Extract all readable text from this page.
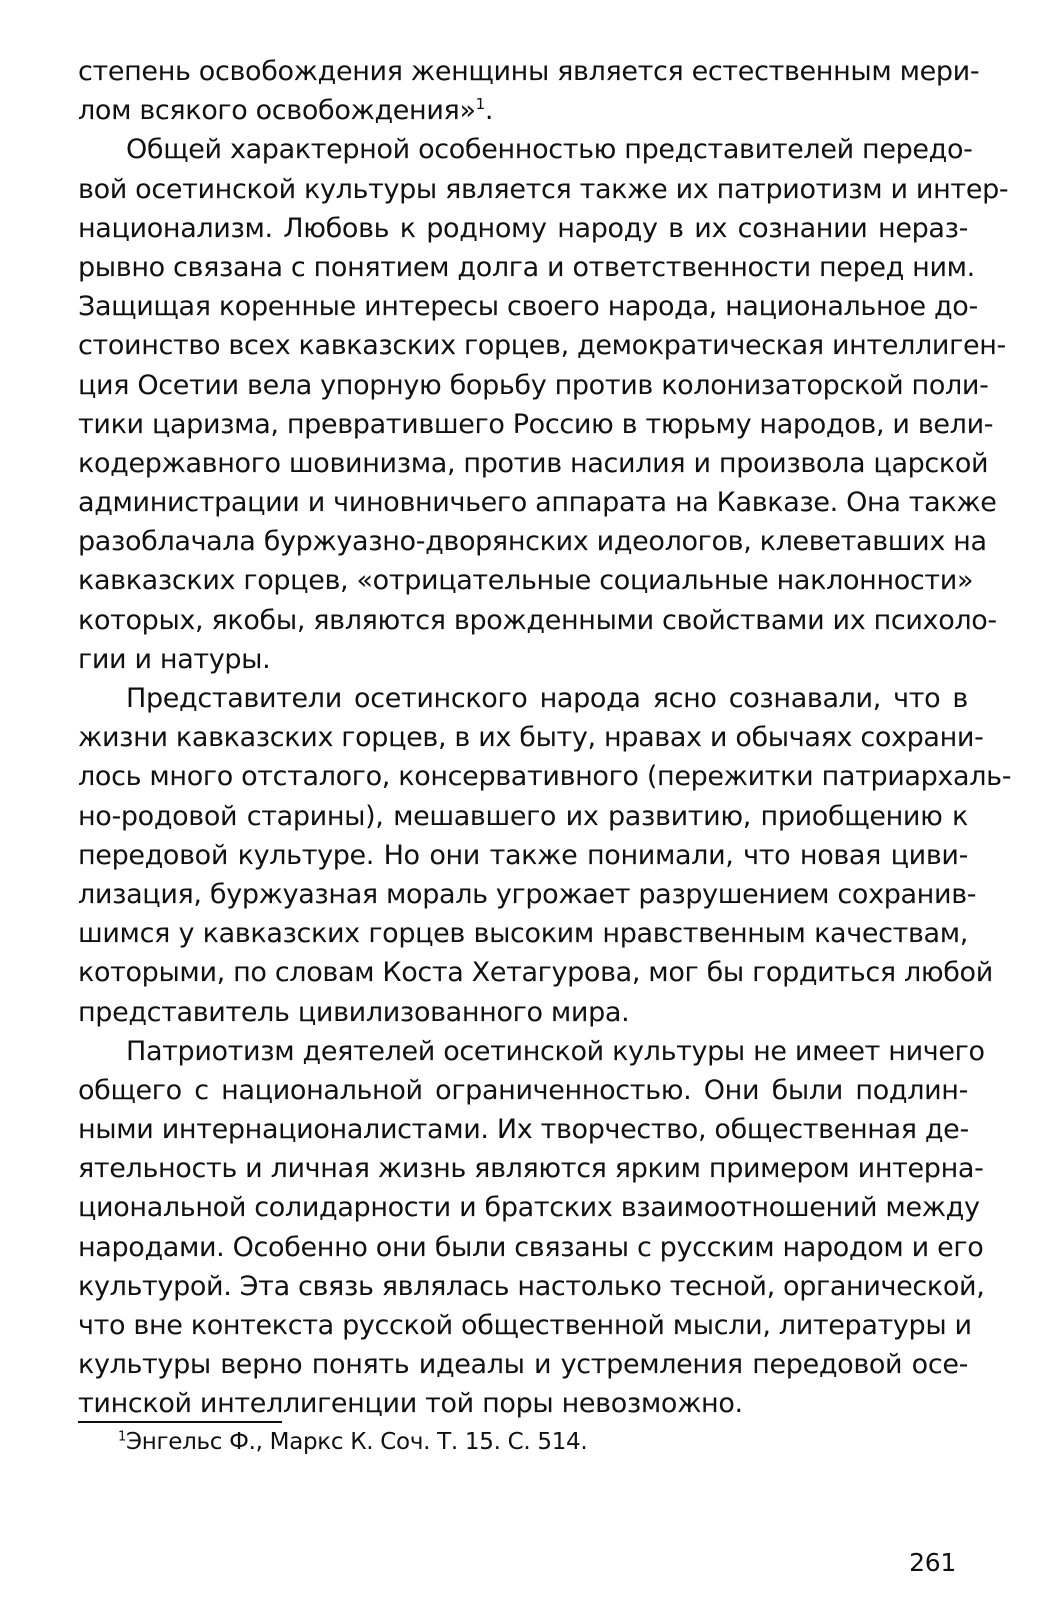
степень освобождения женщины является естественным мери-
лом всякого освобождения»$^1$.
Общей характерной особенностью представителей передо-
вой осетинской культуры является также их патриотизм и интер-
национализм. Любовь к родному народу в их сознании нераз-
рывно связана с понятием долга и ответственности перед ним.
Защищая коренные интересы своего народа, национальное до-
стоинство всех кавказских горцев, демократическая интеллиген-
ция Осетии вела упорную борьбу против колонизаторской поли-
тики царизма, превратившего Россию в тюрьму народов, и вели-
кодержавного шовинизма, против насилия и произвола царской
администрации и чиновничьего аппарата на Кавказе. Она также
разоблачала буржуазно-дворянских идеологов, клеветавших на
кавказских горцев, «отрицательные социальные наклонности»
которых, якобы, являются врожденными свойствами их психоло-
гии и натуры.
Представители осетинского народа ясно сознавали, что в
жизни кавказских горцев, в их быту, нравах и обычаях сохрани-
лось много отсталого, консервативного (пережитки патриархаль-
но-родовой старины), мешавшего их развитию, приобщению к
передовой культуре. Но они также понимали, что новая циви-
лизация, буржуазная мораль угрожает разрушением сохранив-
шимся у кавказских горцев высоким нравственным качествам,
которыми, по словам Коста Хетагурова, мог бы гордиться любой
представитель цивилизованного мира.
Патриотизм деятелей осетинской культуры не имеет ничего
общего с национальной ограниченностью. Они были подлин-
ными интернационалистами. Их творчество, общественная де-
ятельность и личная жизнь являются ярким примером интерна-
циональной солидарности и братских взаимоотношений между
народами. Особенно они были связаны с русским народом и его
культурой. Эта связь являлась настолько тесной, органической,
что вне контекста русской общественной мысли, литературы и
культуры верно понять идеалы и устремления передовой осе-
тинской интеллигенции той поры невозможно.
$^1$Энгельс Ф., Маркс К. Соч. Т. 15. С. 514.
261
